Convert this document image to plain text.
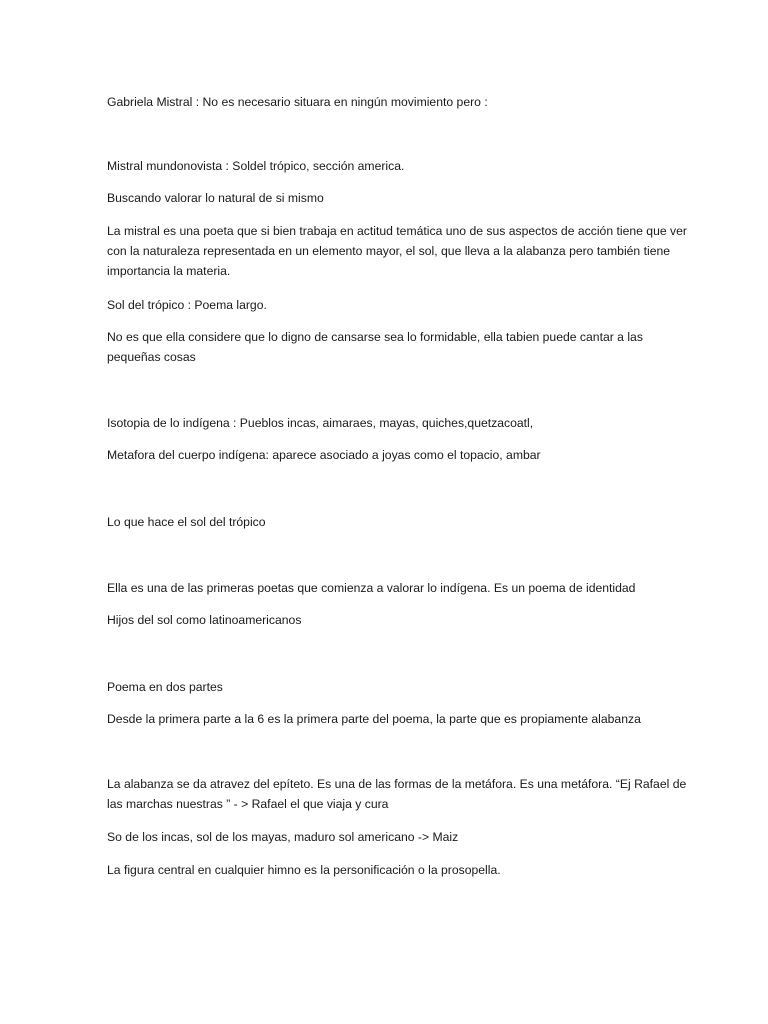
Gabriela Mistral : No es necesario situara en ningún movimiento pero :

Mistral mundonovista : Soldel trópico, sección america.

Buscando valorar lo natural de si mismo

La mistral es una poeta que si bien trabaja en actitud temática uno de sus aspectos de acción tiene que ver con la naturaleza representada en un elemento mayor, el sol, que lleva a la alabanza pero también tiene importancia la materia.

Sol del trópico : Poema largo.

No es que ella considere que lo digno de cansarse sea lo formidable, ella tabien puede cantar a las pequeñas cosas

Isotopia de lo indígena : Pueblos incas, aimaraes, mayas, quiches,quetzacoatl,

Metafora del cuerpo indígena: aparece asociado a joyas como el topacio, ambar

Lo que hace el sol del trópico

Ella es una de las primeras poetas que comienza a valorar lo indígena. Es un poema de identidad

Hijos del sol como latinoamericanos

Poema en dos partes

Desde la primera parte a la 6 es la primera parte del poema, la parte que es propiamente alabanza

La alabanza se da atravez del epíteto. Es una de las formas de la metáfora. Es una metáfora. “Ej Rafael de las marchas nuestras ” - > Rafael el que viaja y cura

So de los incas, sol de los mayas, maduro sol americano -> Maiz

La figura central en cualquier himno es la personificación o la prosopella.
